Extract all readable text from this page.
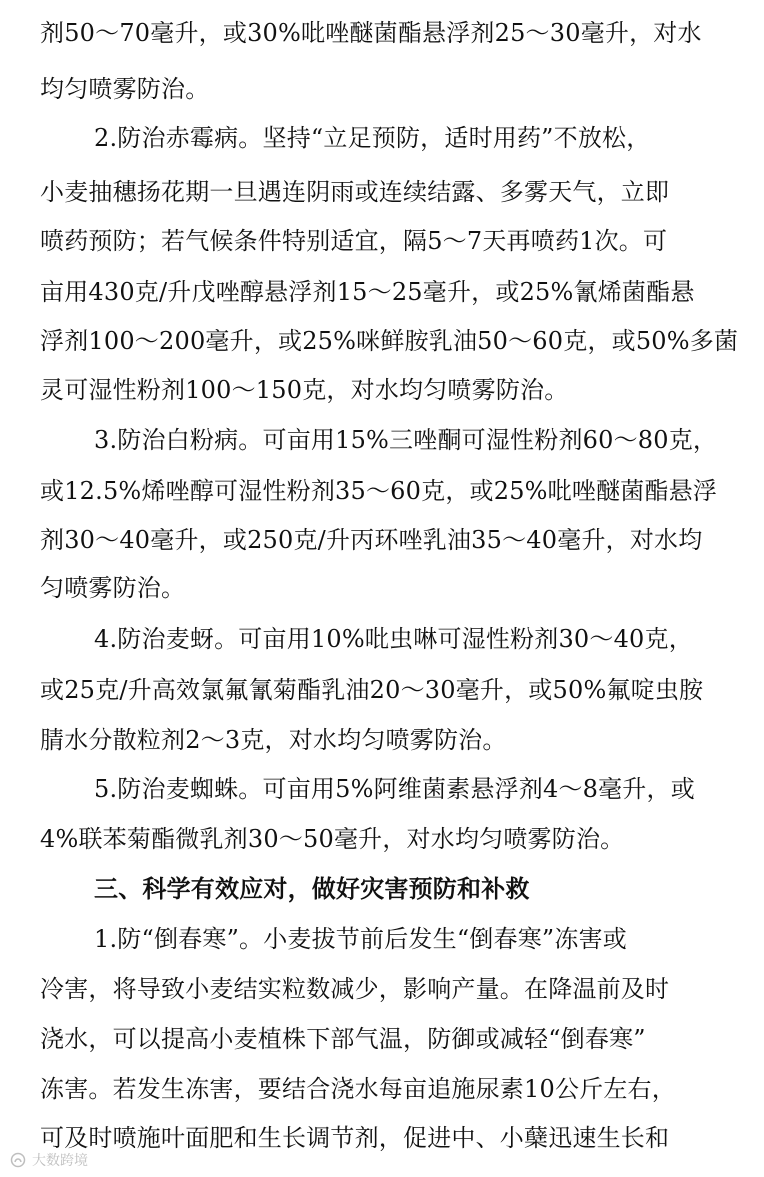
剂50～70毫升，或30%吡唑醚菌酯悬浮剂25～30毫升，对水
均匀喷雾防治。
2.防治赤霉病。坚持“立足预防，适时用药”不放松，
小麦抽穗扬花期一旦遇连阴雨或连续结露、多雾天气，立即
喷药预防；若气候条件特别适宜，隔5～7天再喷药1次。可
亩用430克/升戊唑醇悬浮剂15～25毫升，或25%氰烯菌酯悬
浮剂100～200毫升，或25%咪鲜胺乳油50～60克，或50%多菌
灵可湿性粉剂100～150克，对水均匀喷雾防治。
3.防治白粉病。可亩用15%三唑酮可湿性粉剂60～80克，
或12.5%烯唑醇可湿性粉剂35～60克，或25%吡唑醚菌酯悬浮
剂30～40毫升，或250克/升丙环唑乳油35～40毫升，对水均
匀喷雾防治。
4.防治麦蚜。可亩用10%吡虫啉可湿性粉剂30～40克，
或25克/升高效氯氟氰菊酯乳油20～30毫升，或50%氟啶虫胺
腈水分散粒剂2～3克，对水均匀喷雾防治。
5.防治麦蜘蛛。可亩用5%阿维菌素悬浮剂4～8毫升，或
4%联苯菊酯微乳剂30～50毫升，对水均匀喷雾防治。
三、科学有效应对，做好灾害预防和补救
1.防“倒春寒”。小麦拔节前后发生“倒春寒”冻害或
冷害，将导致小麦结实粒数减少，影响产量。在降温前及时
浇水，可以提高小麦植株下部气温，防御或减轻“倒春寒”
冻害。若发生冻害，要结合浇水每亩追施尿素10公斤左右，
可及时喷施叶面肥和生长调节剂，促进中、小蘖迅速生长和
大数跨境
